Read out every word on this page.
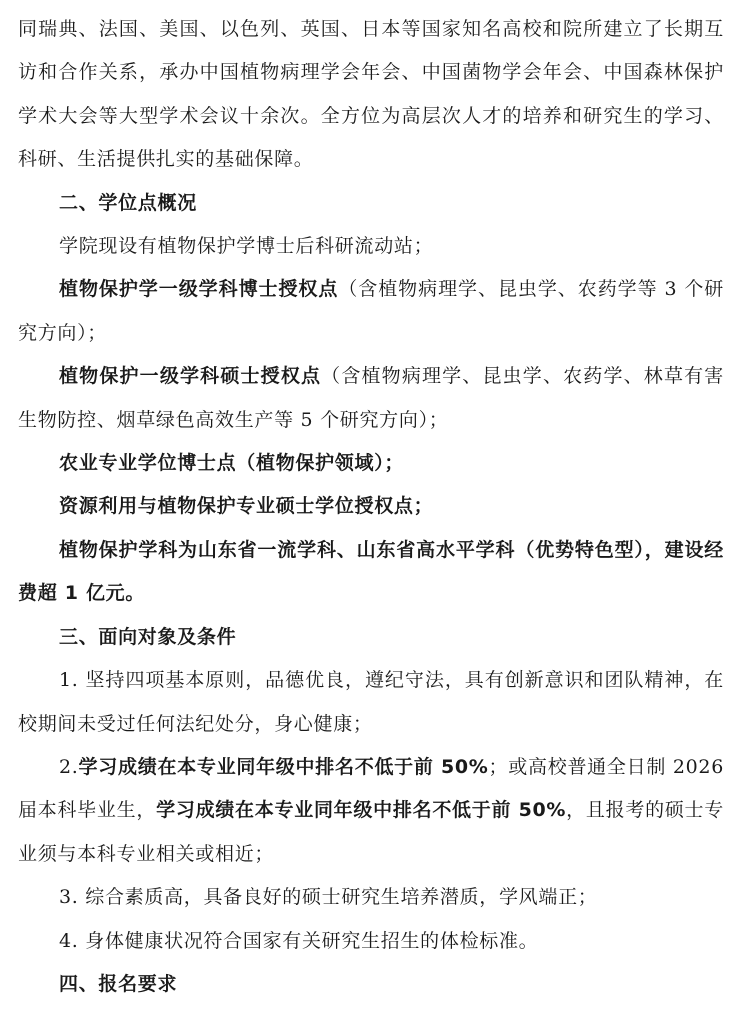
同瑞典、法国、美国、以色列、英国、日本等国家知名高校和院所建立了长期互访和合作关系，承办中国植物病理学会年会、中国菌物学会年会、中国森林保护学术大会等大型学术会议十余次。全方位为高层次人才的培养和研究生的学习、科研、生活提供扎实的基础保障。

二、学位点概况

学院现设有植物保护学博士后科研流动站；

植物保护学一级学科博士授权点（含植物病理学、昆虫学、农药学等 3 个研究方向）；

植物保护一级学科硕士授权点（含植物病理学、昆虫学、农药学、林草有害生物防控、烟草绿色高效生产等 5 个研究方向）；

农业专业学位博士点（植物保护领域）；

资源利用与植物保护专业硕士学位授权点；

植物保护学科为山东省一流学科、山东省高水平学科（优势特色型），建设经费超 1 亿元。

三、面向对象及条件

1. 坚持四项基本原则，品德优良，遵纪守法，具有创新意识和团队精神，在校期间未受过任何法纪处分，身心健康；

2.学习成绩在本专业同年级中排名不低于前 50%；或高校普通全日制 2026 届本科毕业生，学习成绩在本专业同年级中排名不低于前 50%，且报考的硕士专业须与本科专业相关或相近；

3. 综合素质高，具备良好的硕士研究生培养潜质，学风端正；

4. 身体健康状况符合国家有关研究生招生的体检标准。

四、报名要求
